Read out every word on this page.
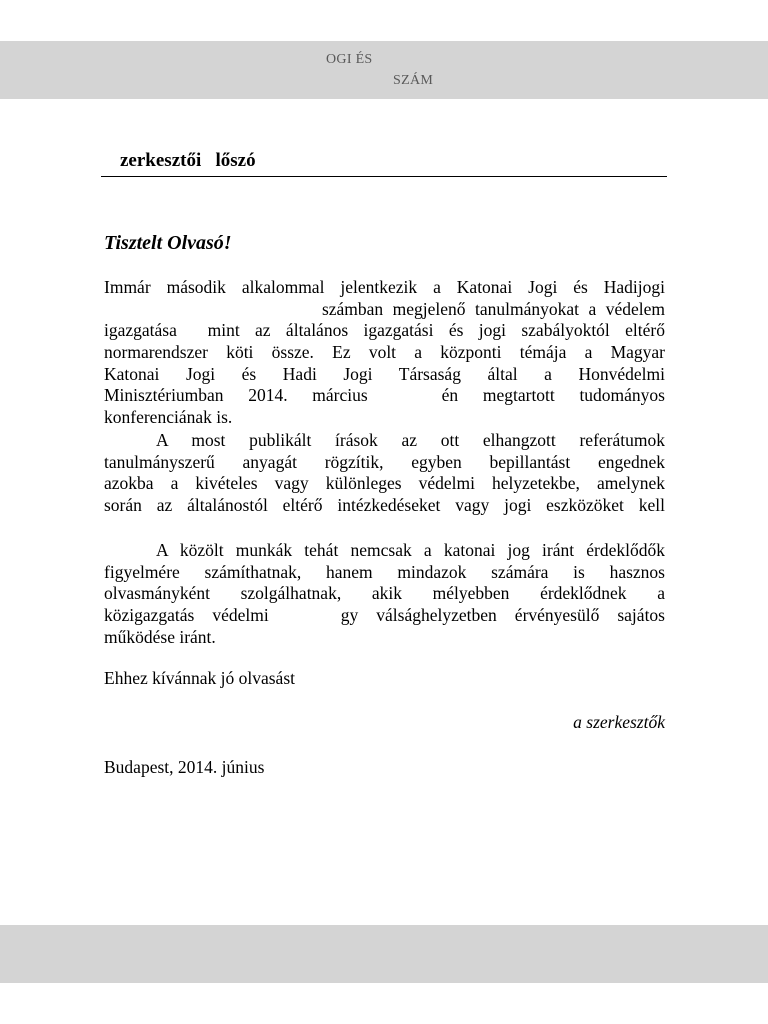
OGI ÉS
SZÁM
zerkesztői   lőszó
Tisztelt Olvasó!
Immár második alkalommal jelentkezik a Katonai Jogi és Hadijogi
számban megjelenő tanulmányokat a védelem
igazgatása  mint az általános igazgatási és jogi szabályoktól eltérő
normarendszer köti össze. Ez volt a központi témája a Magyar
Katonai Jogi és Hadi Jogi Társaság által a Honvédelmi
Minisztériumban 2014. március   én megtartott tudományos
konferenciának is.
A most publikált írások az ott elhangzott referátumok
tanulmányszerű anyagát rögzítik, egyben bepillantást engednek
azokba a kivételes vagy különleges védelmi helyzetekbe, amelynek
során az általánostól eltérő intézkedéseket vagy jogi eszközöket kell
A közölt munkák tehát nemcsak a katonai jog iránt érdeklődők
figyelmére számíthatnak, hanem mindazok számára is hasznos
olvasmányként szolgálhatnak, akik mélyebben érdeklődnek a
közigazgatás védelmi    gy válsághelyzetben érvényesülő sajátos
működése iránt.
Ehhez kívánnak jó olvasást
a szerkesztők
Budapest, 2014. június
